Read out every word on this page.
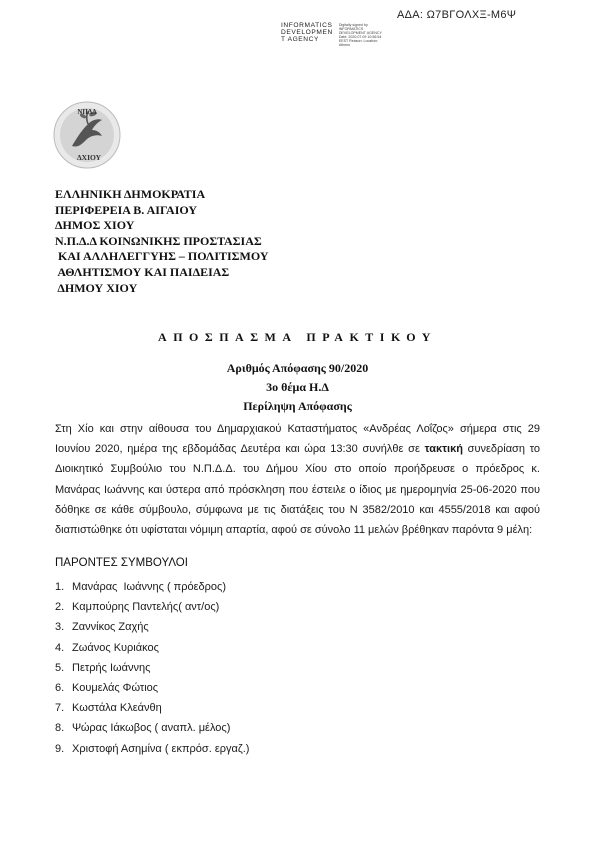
ΑΔΑ: Ω7ΒΓΟΛΧΞ-Μ6Ψ
INFORMATICS
DEVELOPMEN
T AGENCY
Digitally signed by INFORMATICS DEVELOPMENT AGENCY Date: 2020.07.09 10:56:54 EEST Reason: Location: Athens
ΝΠΔΔ
ΔΧΙΟΥ
ΕΛΛΗΝΙΚΗ ΔΗΜΟΚΡΑΤΙΑ
ΠΕΡΙΦΕΡΕΙΑ Β. ΑΙΓΑΙΟΥ
ΔΗΜΟΣ ΧΙΟΥ
Ν.Π.Δ.Δ ΚΟΙΝΩΝΙΚΗΣ ΠΡΟΣΤΑΣΙΑΣ
ΚΑΙ ΑΛΛΗΛΕΓΓΥΗΣ – ΠΟΛΙΤΙΣΜΟΥ
ΑΘΛΗΤΙΣΜΟΥ ΚΑΙ ΠΑΙΔΕΙΑΣ
ΔΗΜΟΥ ΧΙΟΥ
ΑΠΟΣΠΑΣΜΑ ΠΡΑΚΤΙΚΟΥ
Αριθμός Απόφασης 90/2020
3ο θέμα Η.Δ
Περίληψη Απόφασης
Στη Χίο και στην αίθουσα του Δημαρχιακού Καταστήματος «Ανδρέας Λοΐζος» σήμερα στις 29
Ιουνίου 2020, ημέρα της εβδομάδας Δευτέρα και ώρα 13:30 συνήλθε σε τακτική συνεδρίαση το
Διοικητικό Συμβούλιο του Ν.Π.Δ.Δ. του Δήμου Χίου στο οποίο προήδρευσε ο πρόεδρος κ.
Μανάρας Ιωάννης και ύστερα από πρόσκληση που έστειλε ο ίδιος με ημερομηνία 25-06-2020 που
δόθηκε σε κάθε σύμβουλο, σύμφωνα με τις διατάξεις του Ν 3582/2010 και 4555/2018 και αφού
διαπιστώθηκε ότι υφίσταται νόμιμη απαρτία, αφού σε σύνολο 11 μελών βρέθηκαν παρόντα 9 μέλη:
ΠΑΡΟΝΤΕΣ ΣΥΜΒΟΥΛΟΙ
1. Μανάρας  Ιωάννης ( πρόεδρος)
2. Καμπούρης Παντελής( αντ/ος)
3. Ζαννίκος Ζαχής
4. Ζωάνος Κυριάκος
5. Πετρής Ιωάννης
6. Κουμελάς Φώτιος
7. Κωστάλα Κλεάνθη
8. Ψώρας Ιάκωβος ( αναπλ. μέλος)
9. Χριστοφή Ασημίνα ( εκπρόσ. εργαζ.)
